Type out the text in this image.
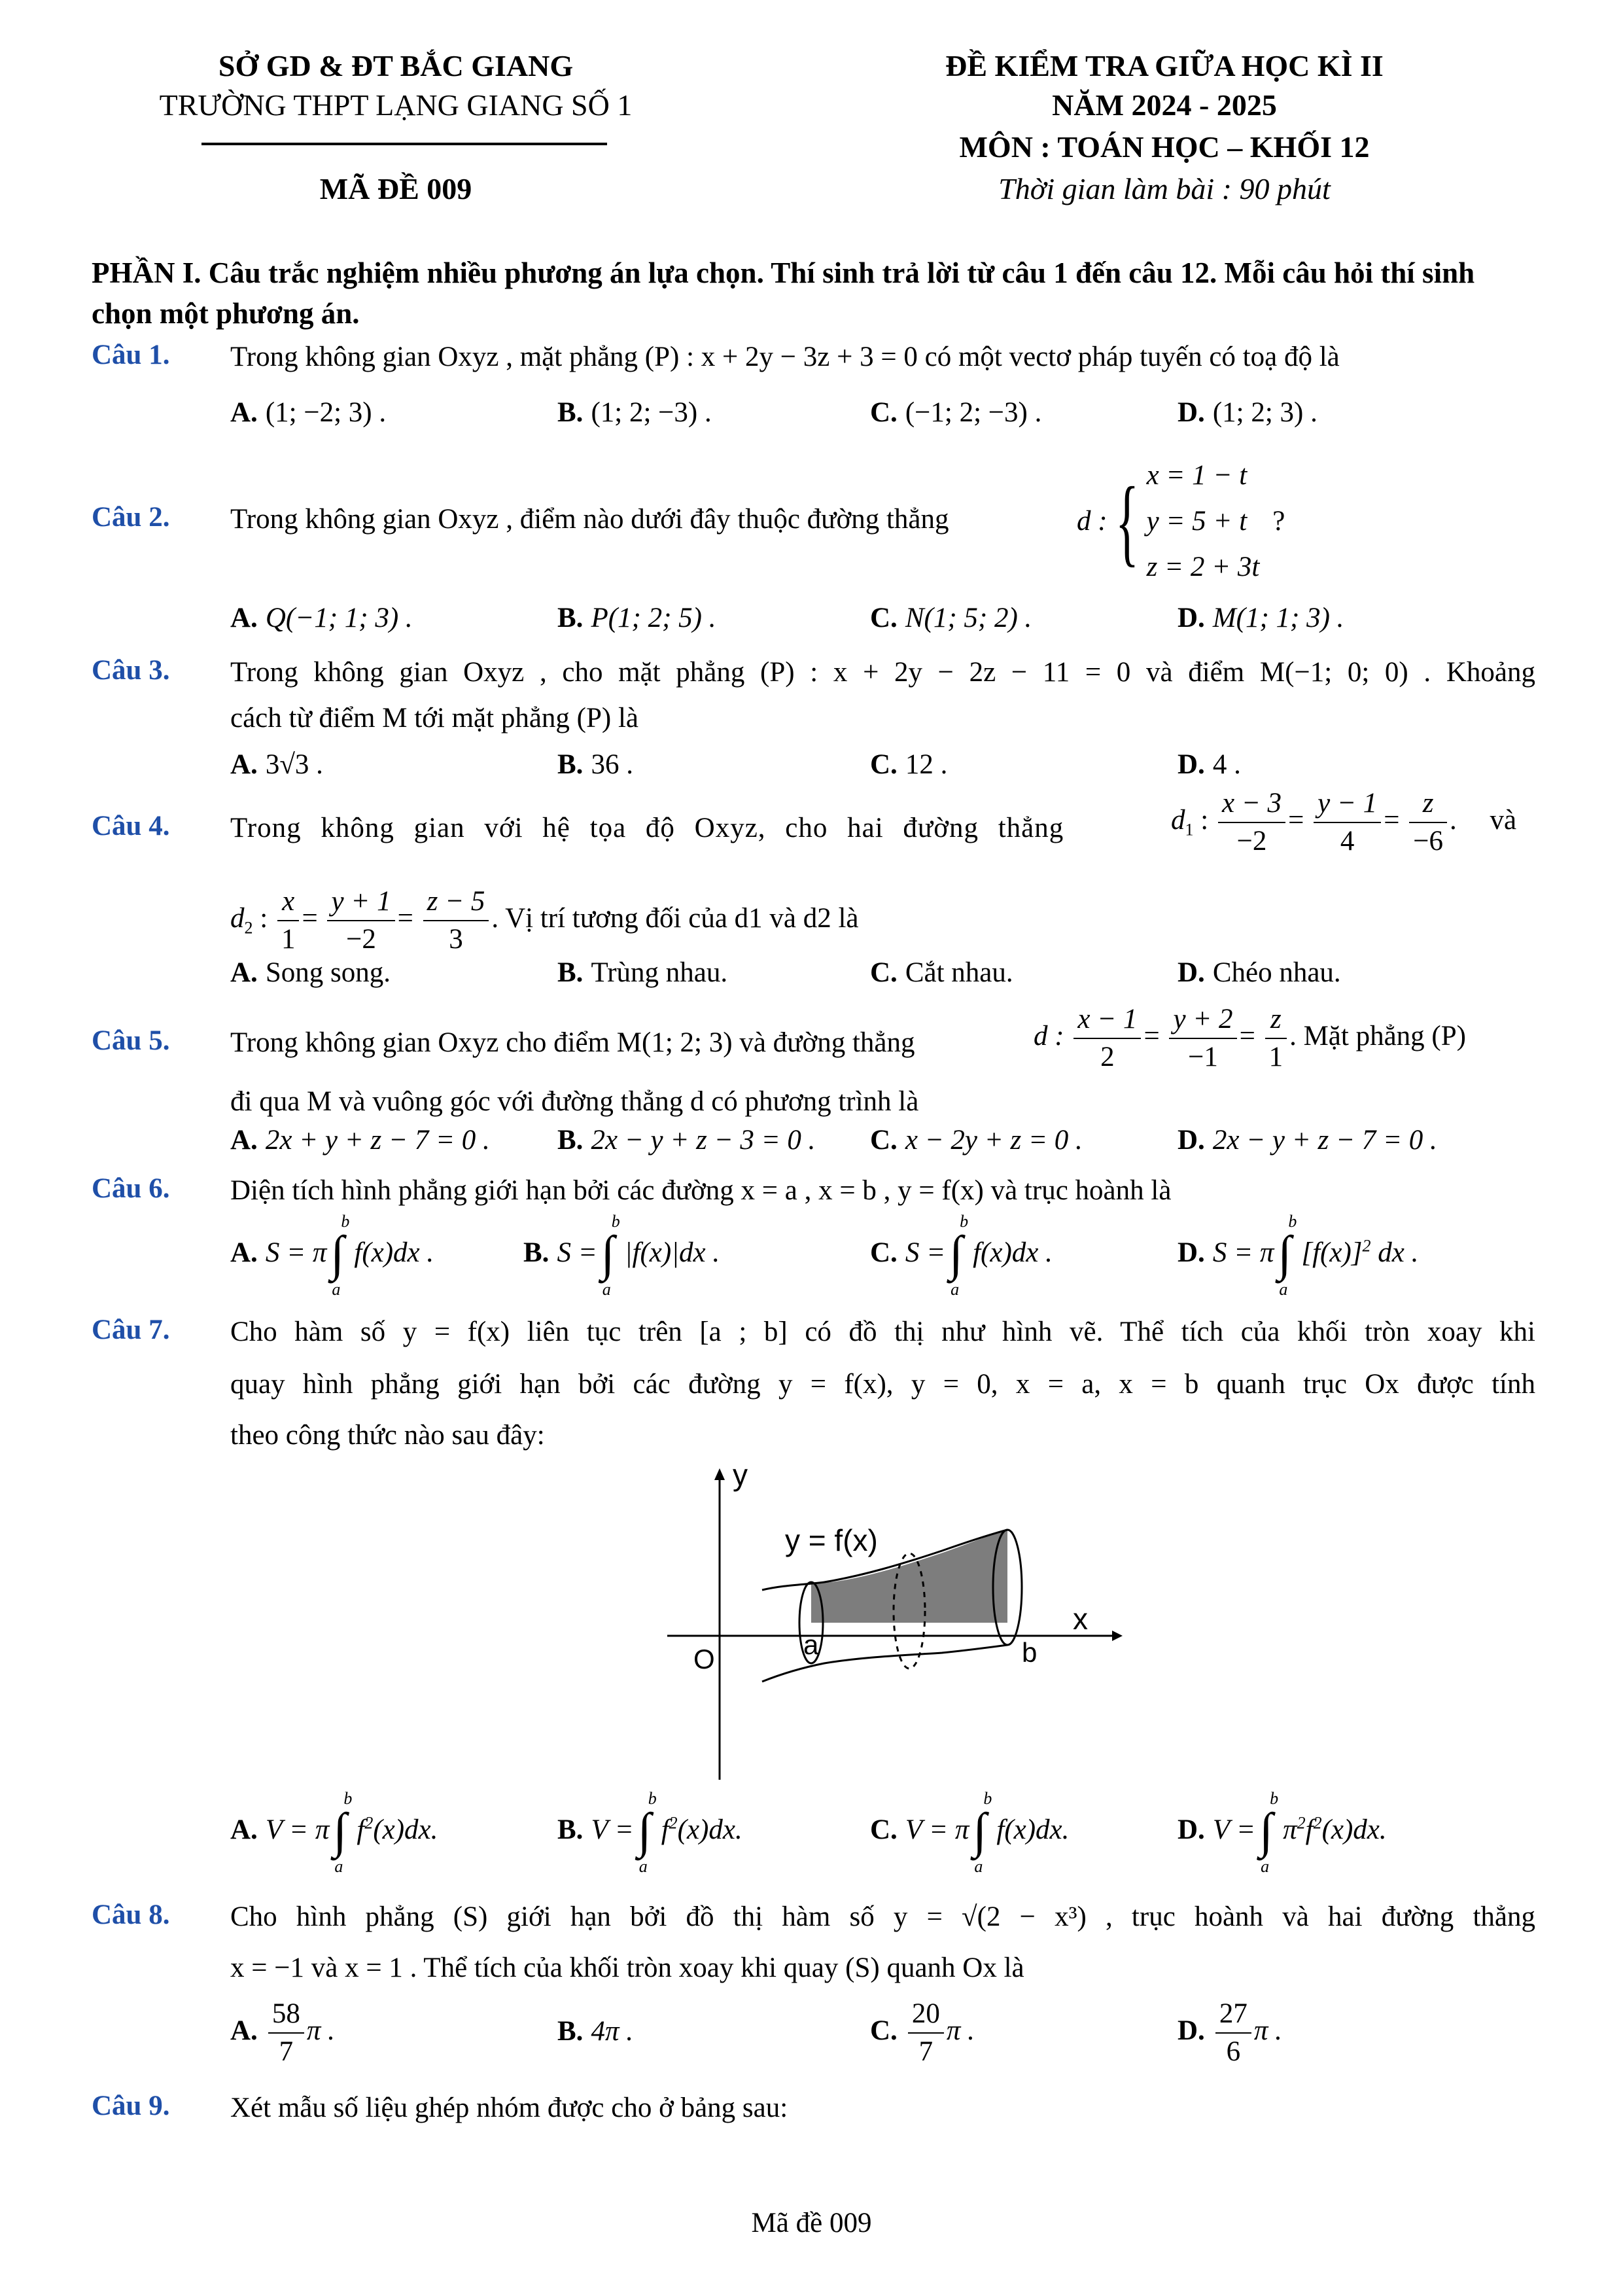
SỞ GD & ĐT BẮC GIANG
TRƯỜNG THPT LẠNG GIANG SỐ 1
MÃ ĐỀ 009
ĐỀ KIỂM TRA GIỮA HỌC KÌ II
NĂM 2024 - 2025
MÔN : TOÁN HỌC – KHỐI 12
Thời gian làm bài : 90 phút
PHẦN I. Câu trắc nghiệm nhiều phương án lựa chọn. Thí sinh trả lời từ câu 1 đến câu 12. Mỗi câu hỏi thí sinh chọn một phương án.
Câu 1. Trong không gian Oxyz , mặt phẳng (P) : x + 2y − 3z + 3 = 0 có một vectơ pháp tuyến có toạ độ là
A. (1; −2; 3) .	B. (1; 2; −3) .	C. (−1; 2; −3) .	D. (1; 2; 3) .
Câu 2. Trong không gian Oxyz , điểm nào dưới đây thuộc đường thẳng	d :{ x = 1 − t
y = 5 + t
z = 2 + 3t
?
A. Q(−1; 1; 3) .	B. P(1; 2; 5) .	C. N(1; 5; 2) .	D. M(1; 1; 3) .
Câu 3. Trong không gian Oxyz , cho mặt phẳng (P) : x + 2y − 2z − 11 = 0 và điểm M(−1; 0; 0) . Khoảng
cách từ điểm M tới mặt phẳng (P) là
A. 3√3 .	B. 36 .	C. 12 .	D. 4 .
Câu 4. Trong không gian với hệ tọa độ Oxyz, cho hai đường thẳng	$d_1$ : $\frac{x - 3}{-2} = \frac{y - 1}{4} = \frac{z}{-6}$ . và
$d_2$ : $\frac{x}{1} = \frac{y + 1}{-2} = \frac{z - 5}{3}$ . Vị trí tương đối của d1 và d2 là
A. Song song.	B. Trùng nhau.	C. Cắt nhau.	D. Chéo nhau.
Câu 5. Trong không gian Oxyz cho điểm M(1; 2; 3) và đường thẳng	d : $\frac{x - 1}{2} = \frac{y + 2}{-1} = \frac{z}{1}$ . Mặt phẳng (P)
đi qua M và vuông góc với đường thẳng d có phương trình là
A. 2x + y + z − 7 = 0 . B. 2x − y + z − 3 = 0 . C. x − 2y + z = 0 .	D. 2x − y + z − 7 = 0 .
Câu 6. Diện tích hình phẳng giới hạn bởi các đường x = a , x = b , y = f(x) và trục hoành là
A. S = π
b
∫
a
f(x)dx .	B. S =
b
∫
a
|f(x)|dx .	C. S =
b
∫
a
f(x)dx .	D. S = π
b
∫
a
$[f(x)]^2$ dx .
Câu 7. Cho hàm số y = f(x) liên tục trên [a ; b] có đồ thị như hình vẽ. Thể tích của khối tròn xoay khi
quay hình phẳng giới hạn bởi các đường y = f(x), y = 0, x = a, x = b quanh trục Ox được tính
theo công thức nào sau đây:
y
x
O	a	b
y = f(x)
A. V = π
b
∫
a
$f^2(x)dx$.	B. V =
b
∫
a
$f^2(x)dx$.	C. V = π
b
∫
a
f(x)dx.	D. V =
b
∫
a
$\pi^2f^2(x)dx$.
Câu 8. Cho hình phẳng (S) giới hạn bởi đồ thị hàm số y = √(2 − x³) , trục hoành và hai đường thẳng
x = −1 và x = 1 . Thể tích của khối tròn xoay khi quay (S) quanh Ox là
A. $\frac{58}{7}$ π .	B. 4π .	C. $\frac{20}{7}$ π .	D. $\frac{27}{6}$ π .
Câu 9. Xét mẫu số liệu ghép nhóm được cho ở bảng sau:
Mã đề 009
